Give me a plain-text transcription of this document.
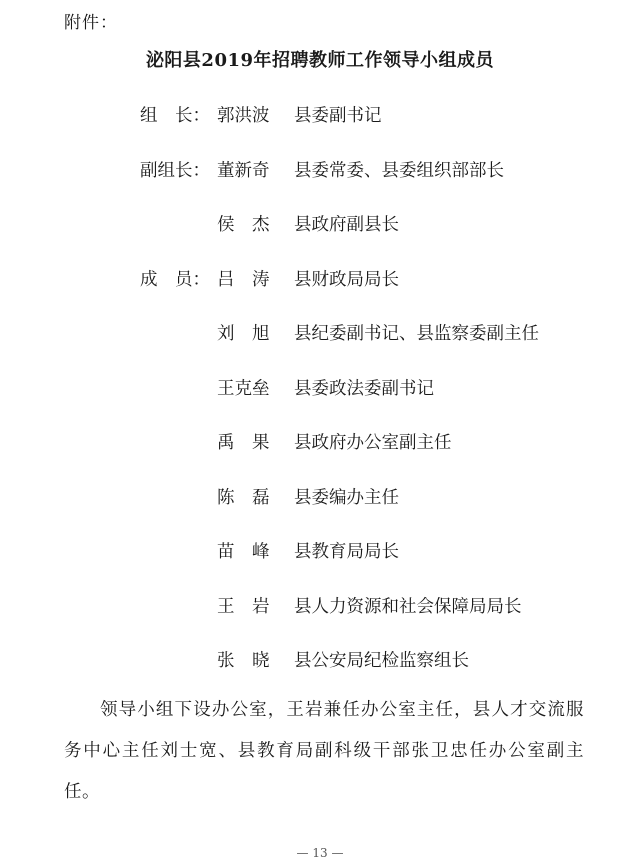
附件：
泌阳县2019年招聘教师工作领导小组成员
组　长： 郭洪波	县委副书记
副组长： 董新奇	县委常委、县委组织部部长
侯　杰	县政府副县长
成　员： 吕　涛	县财政局局长
刘　旭	县纪委副书记、县监察委副主任
王克垒	县委政法委副书记
禹　果	县政府办公室副主任
陈　磊	县委编办主任
苗　峰	县教育局局长
王　岩	县人力资源和社会保障局局长
张　晓	县公安局纪检监察组长
领导小组下设办公室，王岩兼任办公室主任，县人才交流服务中心主任刘士宽、县教育局副科级干部张卫忠任办公室副主任。
— 13 —
